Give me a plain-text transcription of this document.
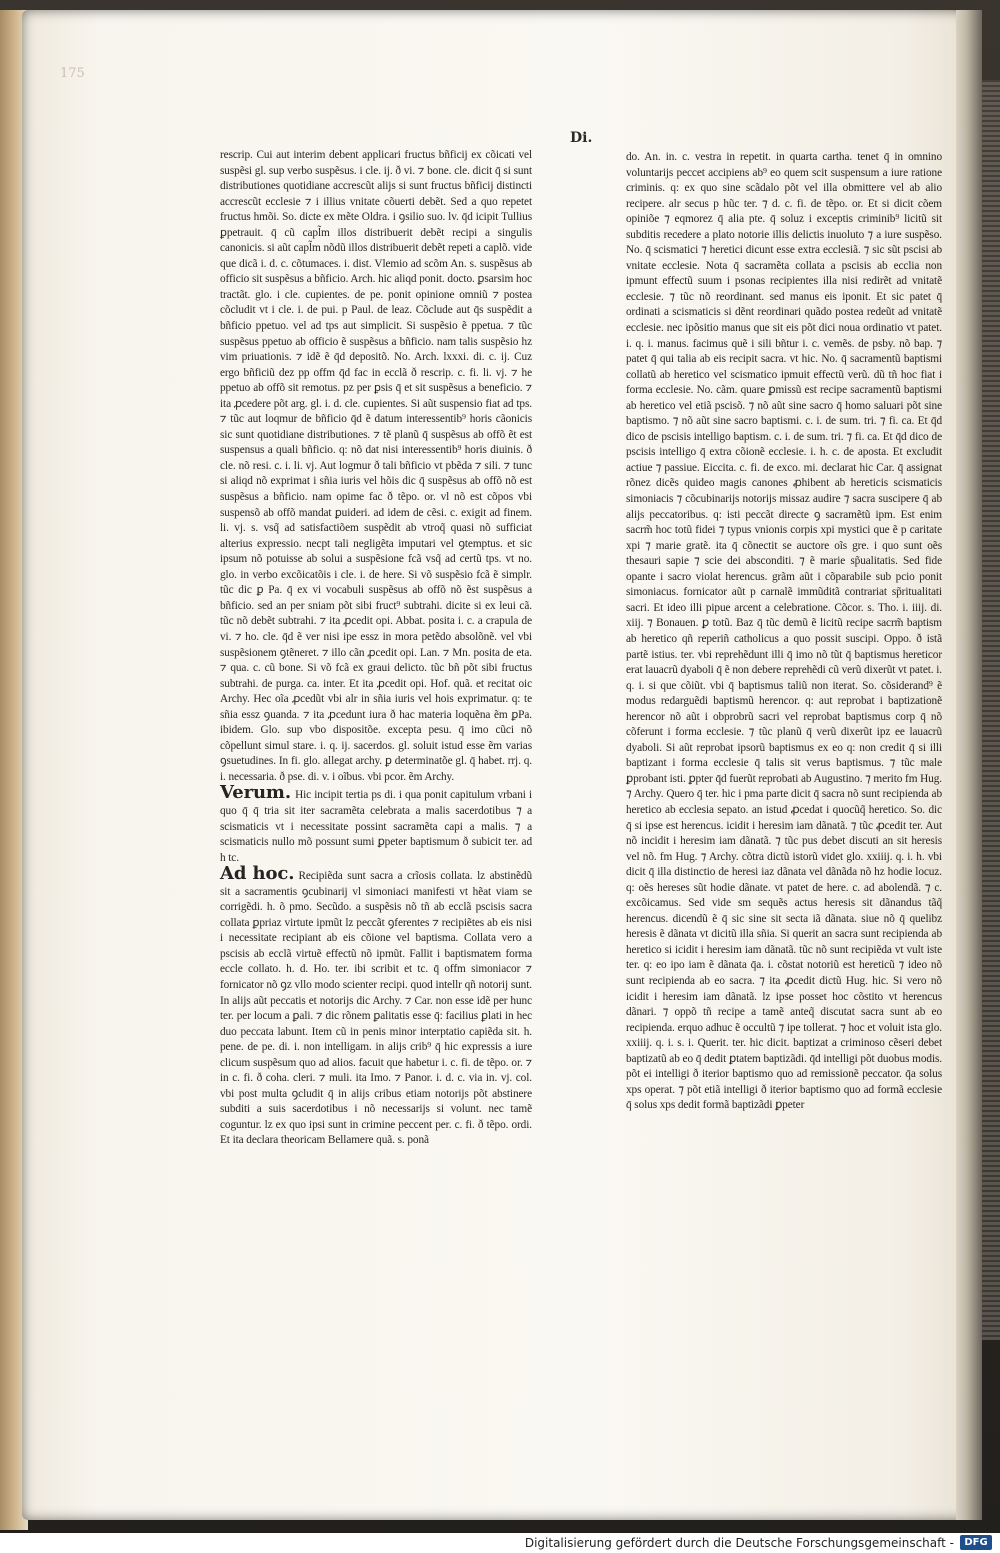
175
Di.

rescrip. Cui aut interim debent applicari fructus bñficij ex cõicati vel suspẽsi gl. sup verbo suspẽsus. i cle. ij. ð vi. ⁊ bone. cle. dicit q̄ si sunt distributiones quotidiane accrescũt alijs si sunt fructus bñficij distincti accrescũt ecclesie ⁊ i illius vnitate cõuerti debẽt. Sed a quo repetet fructus hmõi. So. dicte ex mẽte Oldra. i ꝯsilio suo. lv. q̄d icipit Tullius ꝑpetrauit. q̄ cũ capl̃m illos distribuerit debẽt recipi a singulis canonicis. si aũt capl̃m nõdũ illos distribuerit debẽt repeti a caplõ. vide que dicã i. d. c. cõtumaces. i. dist. Vlemio ad scõm An. s. suspẽsus ab officio sit suspẽsus a bñficio. Arch. hic aliqd ponit. docto. ꝑsarsim hoc tractãt. glo. i cle. cupientes. de pe. ponit opinione omniũ ⁊ postea cõcludit vt i cle. i. de pui. p Paul. de leaz. Cõclude aut q̄s suspẽdit a bñficio ppetuo. vel ad tps aut simplicit. Si suspẽsio ẽ ppetua. ⁊ tũc suspẽsus ppetuo ab officio ẽ suspẽsus a bñficio. nam talis suspẽsio hz vim priuationis. ⁊ idẽ ẽ q̄d depositõ. No. Arch. lxxxi. di. c. ij. Cuz ergo bñficiũ dez pp offm q̄d fac in ecclã ð rescrip. c. fi. li. vj. ⁊ he ppetuo ab offõ sit remotus. pz per ꝑsis q̄ et sit suspẽsus a beneficio. ⁊ ita ꝓcedere põt arg. gl. i. d. cle. cupientes. Si aũt suspensio fiat ad tps. ⁊ tũc aut loqmur de bñficio q̄d ẽ datum interessentib⁹ horis cãonicis sic sunt quotidiane distributiones. ⁊ tẽ planũ q̄ suspẽsus ab offõ ẽt est suspensus a quali bñficio. q: nõ dat nisi interessentib⁹ horis diuinis. ð cle. nõ resi. c. i. li. vj. Aut logmur ð tali bñficio vt pbẽda ⁊ sili. ⁊ tunc si aliqd nõ exprimat i sñia iuris vel hõis dic q̄ suspẽsus ab offõ nõ est suspẽsus a bñficio. nam opime fac ð tẽpo. or. vl nõ est cõpos vbi suspensõ ab offõ mandat ꝑuideri. ad idem de cẽsi. c. exigit ad finem. li. vj. s. vsq̃ ad satisfactiõem suspẽdit ab vtroq̃ quasi nõ sufficiat alterius expressio. necpt tali negligẽta imputari vel ꝯtemptus. et sic ipsum nõ potuisse ab solui a suspẽsione fcã vsq̃ ad certũ tps. vt no. glo. in verbo excõicatõis i cle. i. de here. Si võ suspẽsio fcã ẽ simplr. tũc dic ꝑ Pa. q̄ ex vi vocabuli suspẽsus ab offõ nõ ẽst suspẽsus a bñficio. sed an per sniam põt sibi fruct⁹ subtrahi. dicite si ex leui cã. tũc nõ debẽt subtrahi. ⁊ ita ꝓcedit opi. Abbat. posita i. c. a crapula de vi. ⁊ ho. cle. q̄d ẽ ver nisi ipe essz in mora petẽdo absolõnẽ. vel vbi suspẽsionem ꝯtẽneret. ⁊ illo cãn ꝓcedit opi. Lan. ⁊ Mn. posita de eta. ⁊ qua. c. cũ bone. Si võ fcã ex graui delicto. tũc bñ põt sibi fructus subtrahi. de purga. ca. inter. Et ita ꝓcedit opi. Hof. quã. et recitat oic Archy. Hec oĩa ꝓcedũt vbi alr in sñia iuris vel hois exprimatur. q: te sñia essz ꝯuanda. ⁊ ita ꝓcedunt iura ð hac materia loquẽna ẽm ꝑPa. ibidem. Glo. sup vbo dispositõe. excepta pesu. q̄ imo cũci nõ cõpellunt simul stare. i. q. ij. sacerdos. gl. soluit istud esse ẽm varias ꝯsuetudines. In fi. glo. allegat archy. ꝑ determinatõe gl. q̄ habet. rrj. q. i. necessaria. ð pse. di. v. i oĩbus. vbi pcor. ẽm Archy.

Verum. Hic incipit tertia ps di. i qua ponit capitulum vrbani i quo q̄ q̄ tria sit iter sacramẽta celebrata a malis sacerdotibus ⁊ a scismaticis vt i necessitate possint sacramẽta capi a malis. ⁊ a scismaticis nullo mõ possunt sumi ꝑpeter baptismum ð subicit ter. ad h tc.

Ad hoc. Recipiẽda sunt sacra a crĩosis collata. lz abstinẽdũ sit a sacramentis ꝯcubinarij vl simoniaci manifesti vt hẽat viam se corrigẽdi. h. õ pmo. Secũdo. a suspẽsis nõ tñ ab ecclã pscisis sacra collata ꝑpriaz virtute ipmũt lz peccãt ꝯferentes ⁊ recipiẽtes ab eis nisi i necessitate recipiant ab eis cõione vel baptisma. Collata vero a pscisis ab ecclã virtuẽ effectũ nõ ipmũt. Fallit i baptismatem forma eccle collato. h. d. Ho. ter. ibi scribit et tc. q̄ offm simoniacor ⁊ fornicator nõ ꝯz vllo modo scienter recipi. quod intellr qñ notorij sunt. In alijs aũt peccatis et notorijs dic Archy. ⁊ Car. non esse idẽ per hunc ter. per locum a ꝑali. ⁊ dic rõnem ꝑalitatis esse q̄: facilius ꝑlati in hec duo peccata labunt. Item cũ in penis minor interptatio capiẽda sit. h. pene. de pe. di. i. non intelligam. in alijs crib⁹ q̄ hic expressis a iure clicum suspẽsum quo ad alios. facuit que habetur i. c. fi. de tẽpo. or. ⁊ in c. fi. ð coha. cleri. ⁊ muli. ita Imo. ⁊ Panor. i. d. c. via in. vj. col. vbi post multa ꝯcludit q̄ in alijs cribus etiam notorijs põt abstinere subditi a suis sacerdotibus i nõ necessarijs si volunt. nec tamẽ coguntur. lz ex quo ipsi sunt in crimine peccent per. c. fi. ð tẽpo. ordi. Et ita declara theoricam Bellamere quã. s. ponã

do. An. in. c. vestra in repetit. in quarta cartha. tenet q̄ in omnino voluntarijs peccet accipiens ab⁹ eo quem scit suspensum a iure ratione criminis. q: ex quo sine scãdalo põt vel illa obmittere vel ab alio recipere. alr secus p hũc ter. ⁊ d. c. fi. de tẽpo. or. Et si dicit cõem opiniõe ⁊ eqmorez q̄ alia pte. q̄ soluz i exceptis criminib⁹ licitũ sit subditis recedere a plato notorie illis delictis inuoluto ⁊ a iure suspẽso. No. q̄ scismatici ⁊ heretici dicunt esse extra ecclesiã. ⁊ sic sũt pscisi ab vnitate ecclesie. Nota q̄ sacramẽta collata a pscisis ab ecclia non ipmunt effectũ suum i psonas recipientes illa nisi redirẽt ad vnitatẽ ecclesie. ⁊ tũc nõ reordinant. sed manus eis iponit. Et sic patet q̄ ordinati a scismaticis si dẽnt reordinari quãdo postea redeũt ad vnitatẽ ecclesie. nec ipõsitio manus que sit eis põt dici noua ordinatio vt patet. i. q. i. manus. facimus quẽ i sili bñtur i. c. vemẽs. de psby. nõ bap. ⁊ patet q̄ qui talia ab eis recipit sacra. vt hic. No. q̄ sacramentũ baptismi collatũ ab heretico vel scismatico ipmuit effectũ verũ. dũ tñ hoc fiat i forma ecclesie. No. cãm. quare ꝑmissũ est recipe sacramentũ baptismi ab heretico vel etiã pscisõ. ⁊ nõ aũt sine sacro q̄ homo saluari põt sine baptismo. ⁊ nõ aũt sine sacro baptismi. c. i. de sum. tri. ⁊ fi. ca. Et q̄d dico de pscisis intelligo baptism. c. i. de sum. tri. ⁊ fi. ca. Et q̄d dico de pscisis intelligo q̄ extra cõionẽ ecclesie. i. h. c. de aposta. Et excludit actiue ⁊ passiue. Eiccita. c. fi. de exco. mi. declarat hic Car. q̄ assignat rõnez dicẽs quideo magis canones ꝓhibent ab hereticis scismaticis simoniacis ⁊ cõcubinarijs notorijs missaz audire ⁊ sacra suscipere q̄ ab alijs peccatoribus. q: isti peccãt directe ꝯ sacramẽtũ ipm. Est enim sacrm̃ hoc totũ fidei ⁊ typus vnionis corpis xpi mystici que ẽ p caritate xpi ⁊ marie gratẽ. ita q̄ cõnectit se auctore oĩs gre. i quo sunt oẽs thesauri sapie ⁊ scie dei absconditi. ⁊ ẽ marie sp̃ualitatis. Sed fide opante i sacro violat herencus. grãm aũt i cõparabile sub pcio ponit simoniacus. fornicator aũt p carnalẽ immũditã contrariat sp̃ritualitati sacri. Et ideo illi pipue arcent a celebratione. Cõcor. s. Tho. i. iiij. di. xiij. ⁊ Bonauen. ꝑ totũ. Baz q̄ tũc demũ ẽ licitũ recipe sacrm̃ baptism ab heretico qñ reperiñ catholicus a quo possit suscipi. Oppo. ð istã partẽ istius. ter. vbi reprehẽdunt illi q̄ imo nõ tũt q̄ baptismus hereticor erat lauacrũ dyaboli q̄ ẽ non debere reprehẽdi cũ verũ dixerũt vt patet. i. q. i. si que cõiũt. vbi q̄ baptismus taliũ non iterat. So. cõsiderand⁹ ẽ modus redarguẽdi baptismũ herencor. q: aut reprobat i baptizationẽ herencor nõ aũt i obprobrũ sacri vel reprobat baptismus corp q̄ nõ cõferunt i forma ecclesie. ⁊ tũc planũ q̄ verũ dixerũt ipz ee lauacrũ dyaboli. Si aũt reprobat ipsorũ baptismus ex eo q: non credit q̄ si illi baptizant i forma ecclesie q̄ talis sit verus baptismus. ⁊ tũc male ꝑprobant isti. ꝑpter q̄d fuerũt reprobati ab Augustino. ⁊ merito fm Hug. ⁊ Archy. Quero q̄ ter. hic i pma parte dicit q̄ sacra nõ sunt recipienda ab heretico ab ecclesia sepato. an istud ꝓcedat i quocũq̃ heretico. So. dic q̄ si ipse est herencus. icidit i heresim iam dãnatã. ⁊ tũc ꝓcedit ter. Aut nõ incidit i heresim iam dãnatã. ⁊ tũc pus debet discuti an sit heresis vel nõ. fm Hug. ⁊ Archy. cõtra dictũ istorũ videt glo. xxiiij. q. i. h. vbi dicit q̄ illa distinctio de heresi iaz dãnata vel dãnãda nõ hz hodie locuz. q: oẽs hereses sũt hodie dãnate. vt patet de here. c. ad abolendã. ⁊ c. excõicamus. Sed vide sm sequẽs actus heresis sit dãnandus tãq̃ herencus. dicendũ ẽ q̄ sic sine sit secta iã dãnata. siue nõ q̄ quelibz heresis ẽ dãnata vt dicitũ illa sñia. Si querit an sacra sunt recipienda ab heretico si icidit i heresim iam dãnatã. tũc nõ sunt recipiẽda vt vult iste ter. q: eo ipo iam ẽ dãnata q̄a. i. cõstat notoriũ est hereticũ ⁊ ideo nõ sunt recipienda ab eo sacra. ⁊ ita ꝓcedit dictũ Hug. hic. Si vero nõ icidit i heresim iam dãnatã. lz ipse posset hoc cõstito vt herencus dãnari. ⁊ oppõ tñ recipe a tamẽ anteq̃ discutat sacra sunt ab eo recipienda. erquo adhuc ẽ occultũ ⁊ ipe tollerat. ⁊ hoc et voluit ista glo. xxiiij. q. i. s. i. Querit. ter. hic dicit. baptizat a criminoso cẽseri debet baptizatũ ab eo q̄ dedit ꝑtatem baptizãdi. q̄d intelligi põt duobus modis. põt ei intelligi ð iterior baptismo quo ad remissionẽ peccator. q̄a solus xps operat. ⁊ põt etiã intelligi ð iterior baptismo quo ad formã ecclesie q̄ solus xps dedit formã baptizãdi ꝑpeter

Digitalisierung gefördert durch die Deutsche Forschungsgemeinschaft -	DFG
